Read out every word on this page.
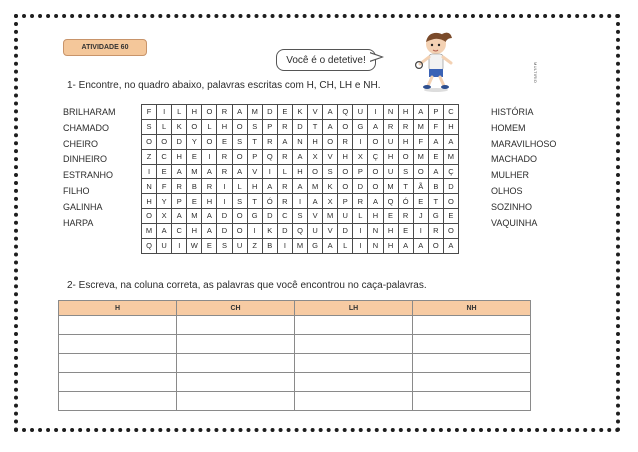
ATIVIDADE 60
Você é o detetive!
MULTIRIO
1- Encontre, no quadro abaixo, palavras escritas com H, CH, LH e NH.
BRILHARAM
CHAMADO
CHEIRO
DINHEIRO
ESTRANHO
FILHO
GALINHA
HARPA
F	I	L	H	O	R	A	M	D	E	K	V	A	Q	U	I	N	H	A	P	C
S	L	K	O	L	H	O	S	P	R	D	T	A	O	G	A	R	R	M	F	H
O	O	D	Y	O	E	S	T	R	A	N	H	O	R	I	O	U	H	F	A	A
Z	C	H	E	I	R	O	P	Q	R	A	X	V	H	X	Ç	H	O	M	E	M
I	E	A	M	A	R	A	V	I	L	H	O	S	O	P	O	U	S	O	A	Ç
N	F	R	B	R	I	L	H	A	R	A	M	K	O	D	O	M	T	Ã	B	D
H	Y	P	E	H	I	S	T	Ó	R	I	A	X	P	R	A	Q	Ó	E	T	O
O	X	A	M	A	D	O	G	D	C	S	V	M	U	L	H	E	R	J	G	E
M	A	C	H	A	D	O	I	K	D	Q	U	V	D	I	N	H	E	I	R	O
Q	U	I	W	E	S	U	Z	B	I	M	G	A	L	I	N	H	A	A	O	A
HISTÓRIA
HOMEM
MARAVILHOSO
MACHADO
MULHER
OLHOS
SOZINHO
VAQUINHA
2- Escreva, na coluna correta, as palavras que você encontrou no caça-palavras.
H	CH	LH	NH
